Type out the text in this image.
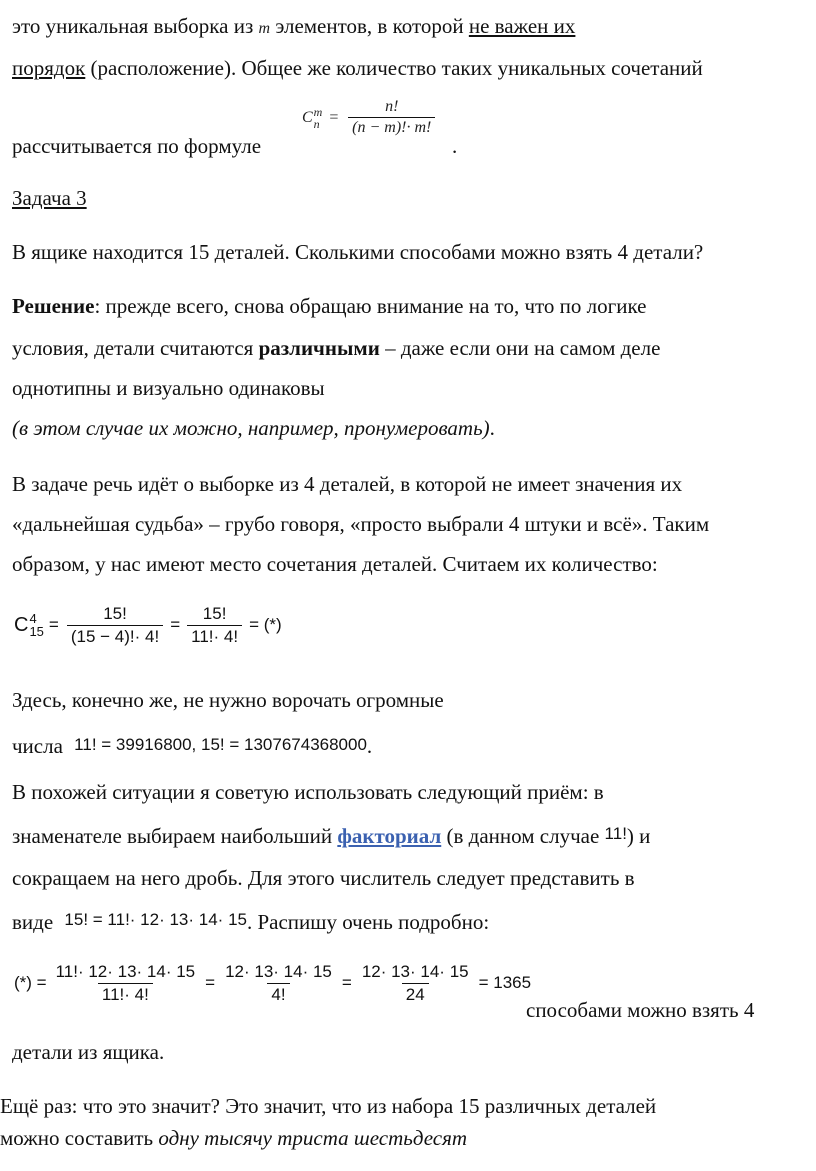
это уникальная выборка из m элементов, в которой не важен их
порядок (расположение). Общее же количество таких уникальных сочетаний
рассчитывается по формуле
C m
$n = \frac{n!}{(n - m)!\cdot m!}$
.
Задача 3
В ящике находится 15 деталей. Сколькими способами можно взять 4 детали?
Решение: прежде всего, снова обращаю внимание на то, что по логике
условия, детали считаются различными – даже если они на самом деле
однотипны и визуально одинаковы
(в этом случае их можно, например, пронумеровать).
В задаче речь идёт о выборке из 4 деталей, в которой не имеет значения их
«дальнейшая судьба» – грубо говоря, «просто выбрали 4 штуки и всё». Таким
образом, у нас имеют место сочетания деталей. Считаем их количество:
C 4
$15 = \frac{15!}{(15 - 4)!\cdot 4!} = \frac{15!}{11!\cdot 4!}$ = (*)
Здесь, конечно же, не нужно ворочать огромные
числа 11! = 39916800, 15! = 1307674368000.
В похожей ситуации я советую использовать следующий приём: в
знаменателе выбираем наибольший факториал (в данном случае 11!) и
сокращаем на него дробь. Для этого числитель следует представить в
виде 15! = 11!· 12· 13· 14· 15. Распишу очень подробно:
(*) = $\frac{11!\cdot 12\cdot 13\cdot 14\cdot 15}{11!\cdot 4!} = \frac{12\cdot 13\cdot 14\cdot 15}{4!} = \frac{12\cdot 13\cdot 14\cdot 15}{24} = 1365$
способами можно взять 4
детали из ящика.
Ещё раз: что это значит? Это значит, что из набора 15 различных деталей
можно составить одну тысячу триста шестьдесят
